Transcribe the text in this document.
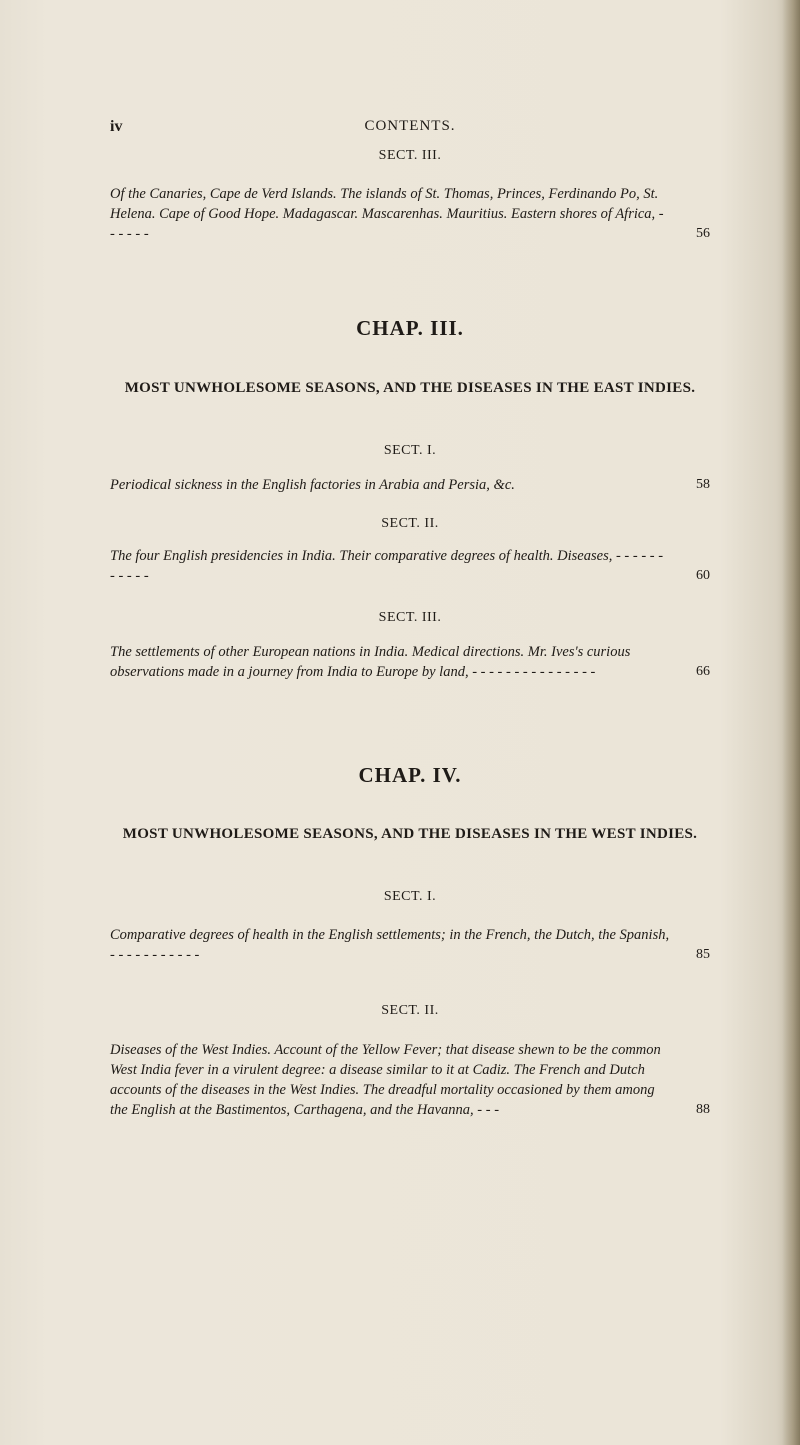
iv	CONTENTS.
SECT. III.
Of the Canaries, Cape de Verd Islands. The islands of St. Thomas, Princes, Ferdinando Po, St. Helena. Cape of Good Hope. Madagascar. Mascarenhas. Mauritius. Eastern shores of Africa, - - - - - -	56
CHAP. III.
MOST UNWHOLESOME SEASONS, AND THE DISEASES IN THE EAST INDIES.
SECT. I.
Periodical sickness in the English factories in Arabia and Persia, &c.	58
SECT. II.
The four English presidencies in India. Their comparative degrees of health. Diseases, - - - - - - - - - - -	60
SECT. III.
The settlements of other European nations in India. Medical directions. Mr. Ives's curious observations made in a journey from India to Europe by land, - - - - - - - - - - - - - - -	66
CHAP. IV.
MOST UNWHOLESOME SEASONS, AND THE DISEASES IN THE WEST INDIES.
SECT. I.
Comparative degrees of health in the English settlements; in the French, the Dutch, the Spanish, - - - - - - - - - - -	85
SECT. II.
Diseases of the West Indies. Account of the Yellow Fever; that disease shewn to be the common West India fever in a virulent degree: a disease similar to it at Cadiz. The French and Dutch accounts of the diseases in the West Indies. The dreadful mortality occasioned by them among the English at the Bastimentos, Carthagena, and the Havanna, - - -	88
